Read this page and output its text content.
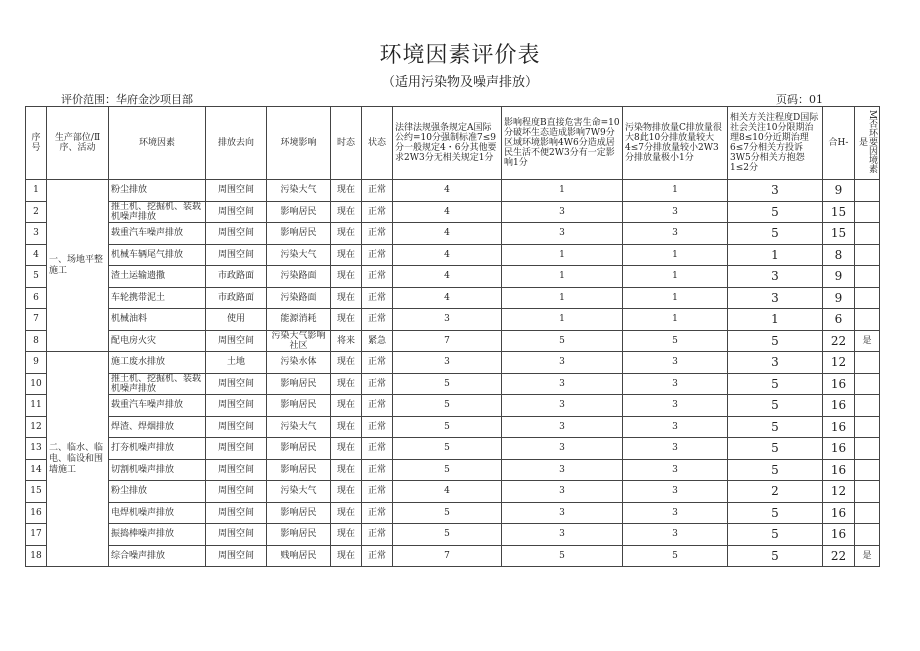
环境因素评价表
（适用污染物及噪声排放）
评价范围：华府金沙项目部	页码：01
序号	生产部位/Ⅱ序、活动	环境因素	排放去向	环境影响	时态	状态	法律法规强条规定A国际公约=10分强制标准7≤9分一般规定4・6分其他要求2W3分无相关规定1分	影响程度B直接危害生命=10分破坏生态造成影响7W9分区域环境影响4W6分造成居民生活不便2W3分有一定影响1分	污染物排放量C排放量很大8此10分排放量较大4≤7分排放量较小2W3分排放量极小1分	相关方关注程度D国际社会关注10分限期治理8≤10分近期治理6≤7分相关方投诉3W5分相关方抱怨1≤2分	合H-	M否环要因境素是
1	一、场地平整施工	粉尘排放	周围空间	污染大气	现在	正常	4	1	1	3	9	
2		推土机、挖掘机、装载机噪声排放	周围空间	影响居民	现在	正常	4	3	3	5	15	
3		载重汽车噪声排放	周围空间	影响居民	现在	正常	4	3	3	5	15	
4		机械车辆尾气排放	周围空间	污染大气	现在	正常	4	1	1	1	8	
5		渣土运输遗撒	市政路面	污染路面	现在	正常	4	1	1	3	9	
6		车轮携带泥土	市政路面	污染路面	现在	正常	4	1	1	3	9	
7		机械油料	使用	能源消耗	现在	正常	3	1	1	1	6	
8		配电房火灾	周围空间	污染大气影响社区	将来	紧急	7	5	5	5	22	是
9	二、临水、临电、临设和围墙施工	施工废水排放	土地	污染水体	现在	正常	3	3	3	3	12	
10		推土机、挖掘机、装载机噪声排放	周围空间	影响居民	现在	正常	5	3	3	5	16	
11		载重汽车噪声排放	周围空间	影响居民	现在	正常	5	3	3	5	16	
12		焊渣、焊烟排放	周围空间	污染大气	现在	正常	5	3	3	5	16	
13		打夯机噪声排放	周围空间	影响居民	现在	正常	5	3	3	5	16	
14		切割机噪声排放	周围空间	影响居民	现在	正常	5	3	3	5	16	
15		粉尘排放	周围空间	污染大气	现在	正常	4	3	3	2	12	
16		电焊机噪声排放	周围空间	影响居民	现在	正常	5	3	3	5	16	
17		振捣棒噪声排放	周围空间	影响居民	现在	正常	5	3	3	5	16	
18		综合噪声排放	周围空间	贱响居民	现在	正常	7	5	5	5	22	是
